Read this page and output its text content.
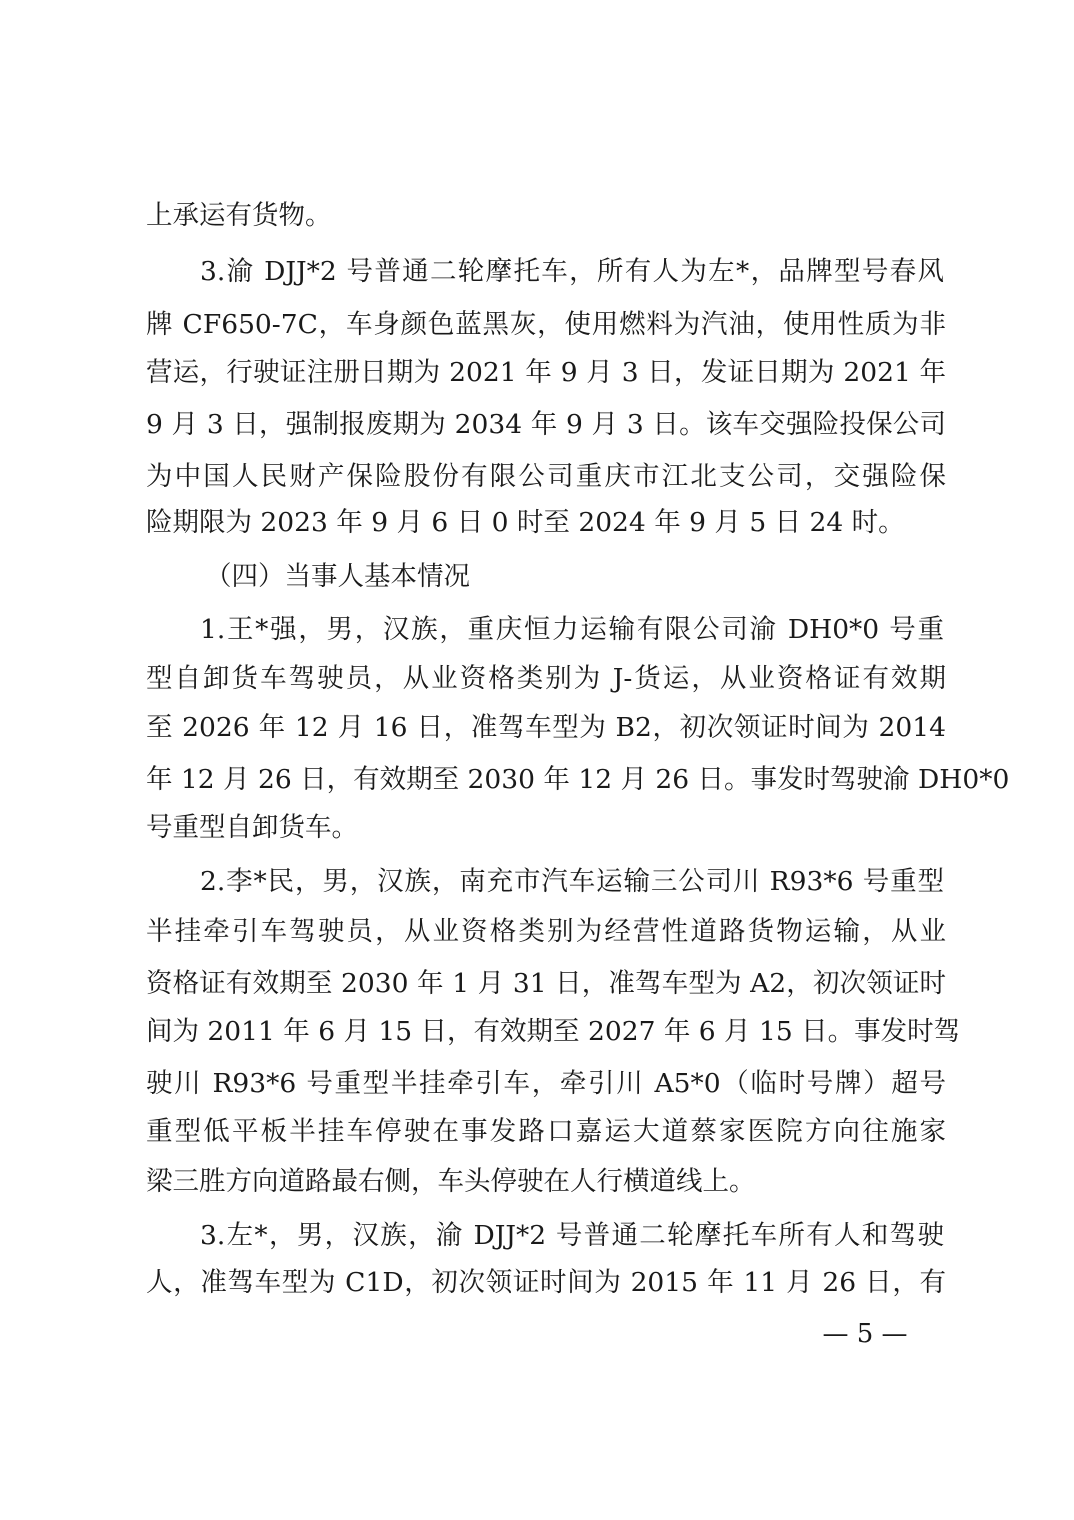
上承运有货物。
3.渝 DJJ*2 号普通二轮摩托车，所有人为左*，品牌型号春风
牌 CF650-7C，车身颜色蓝黑灰，使用燃料为汽油，使用性质为非
营运，行驶证注册日期为 2021 年 9 月 3 日，发证日期为 2021 年
9 月 3 日，强制报废期为 2034 年 9 月 3 日。该车交强险投保公司
为中国人民财产保险股份有限公司重庆市江北支公司，交强险保
险期限为 2023 年 9 月 6 日 0 时至 2024 年 9 月 5 日 24 时。
（四）当事人基本情况
1.王*强，男，汉族，重庆恒力运输有限公司渝 DH0*0 号重
型自卸货车驾驶员，从业资格类别为 J-货运，从业资格证有效期
至 2026 年 12 月 16 日，准驾车型为 B2，初次领证时间为 2014
年 12 月 26 日，有效期至 2030 年 12 月 26 日。事发时驾驶渝 DH0*0
号重型自卸货车。
2.李*民，男，汉族，南充市汽车运输三公司川 R93*6 号重型
半挂牵引车驾驶员，从业资格类别为经营性道路货物运输，从业
资格证有效期至 2030 年 1 月 31 日，准驾车型为 A2，初次领证时
间为 2011 年 6 月 15 日，有效期至 2027 年 6 月 15 日。事发时驾
驶川 R93*6 号重型半挂牵引车，牵引川 A5*0（临时号牌）超号
重型低平板半挂车停驶在事发路口嘉运大道蔡家医院方向往施家
梁三胜方向道路最右侧，车头停驶在人行横道线上。
3.左*，男，汉族，渝 DJJ*2 号普通二轮摩托车所有人和驾驶
人，准驾车型为 C1D，初次领证时间为 2015 年 11 月 26 日，有
— 5 —
